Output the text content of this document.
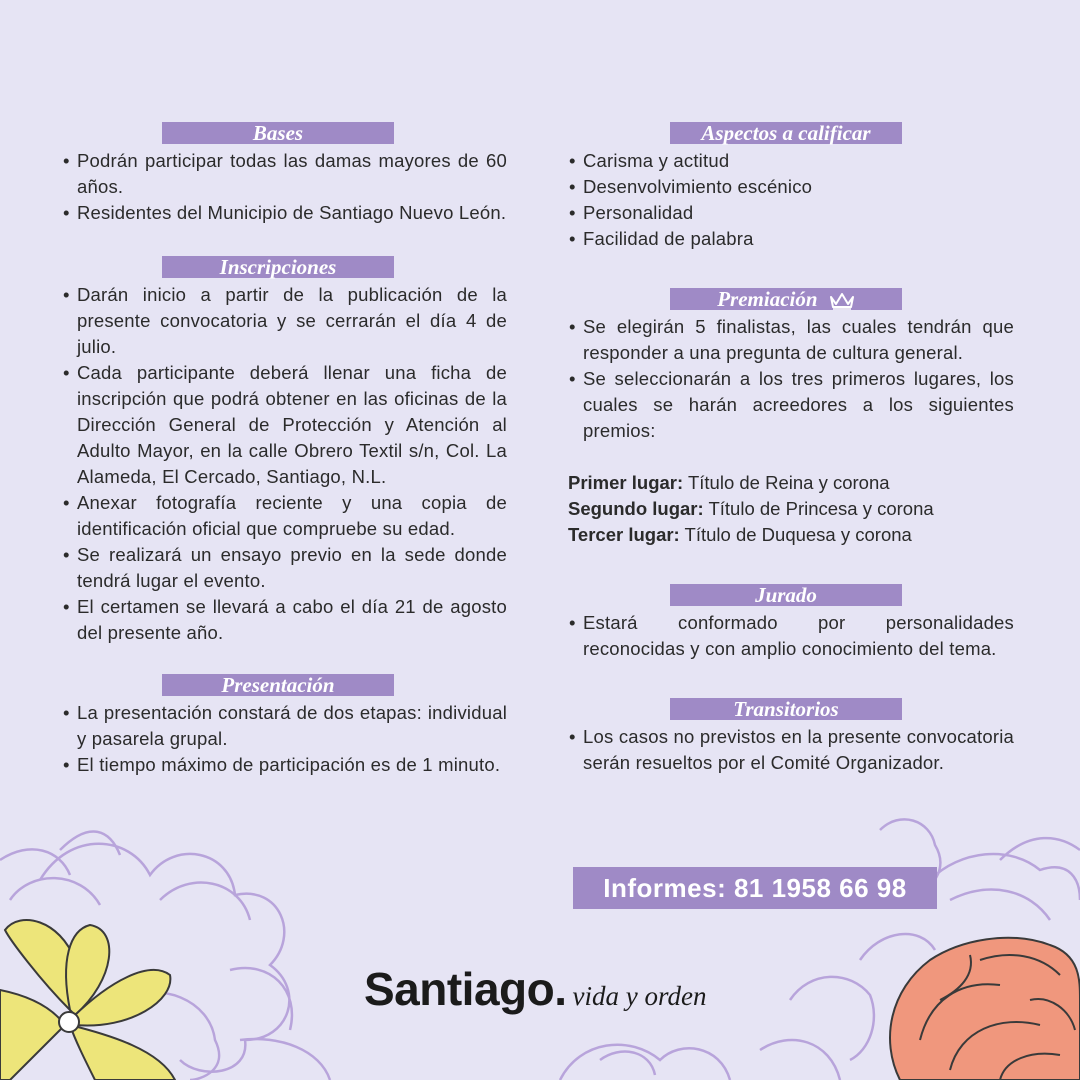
Bases
• Podrán participar todas las damas mayores de 60 años.
• Residentes del Municipio de Santiago Nuevo León.
Inscripciones
• Darán inicio a partir de la publicación de la presente convocatoria y se cerrarán el día 4 de julio.
• Cada participante deberá llenar una ficha de inscripción que podrá obtener en las oficinas de la Dirección General de Protección y Atención al Adulto Mayor, en la calle Obrero Textil s/n, Col. La Alameda, El Cercado, Santiago, N.L.
• Anexar fotografía reciente y una copia de identificación oficial que compruebe su edad.
• Se realizará un ensayo previo en la sede donde tendrá lugar el evento.
• El certamen se llevará a cabo el día 21 de agosto del presente año.
Presentación
• La presentación constará de dos etapas: individual y pasarela grupal.
• El tiempo máximo de participación es de 1 minuto.
Aspectos a calificar
• Carisma y actitud
• Desenvolvimiento escénico
• Personalidad
• Facilidad de palabra
Premiación
• Se elegirán 5 finalistas, las cuales tendrán que responder a una pregunta de cultura general.
• Se seleccionarán a los tres primeros lugares, los cuales se harán acreedores a los siguientes premios:
Primer lugar: Título de Reina y corona
Segundo lugar: Título de Princesa y corona
Tercer lugar: Título de Duquesa y corona
Jurado
• Estará conformado por personalidades reconocidas y con amplio conocimiento del tema.
Transitorios
• Los casos no previstos en la presente convocatoria serán resueltos por el Comité Organizador.
Informes: 81 1958 66 98
Santiago. vida y orden
